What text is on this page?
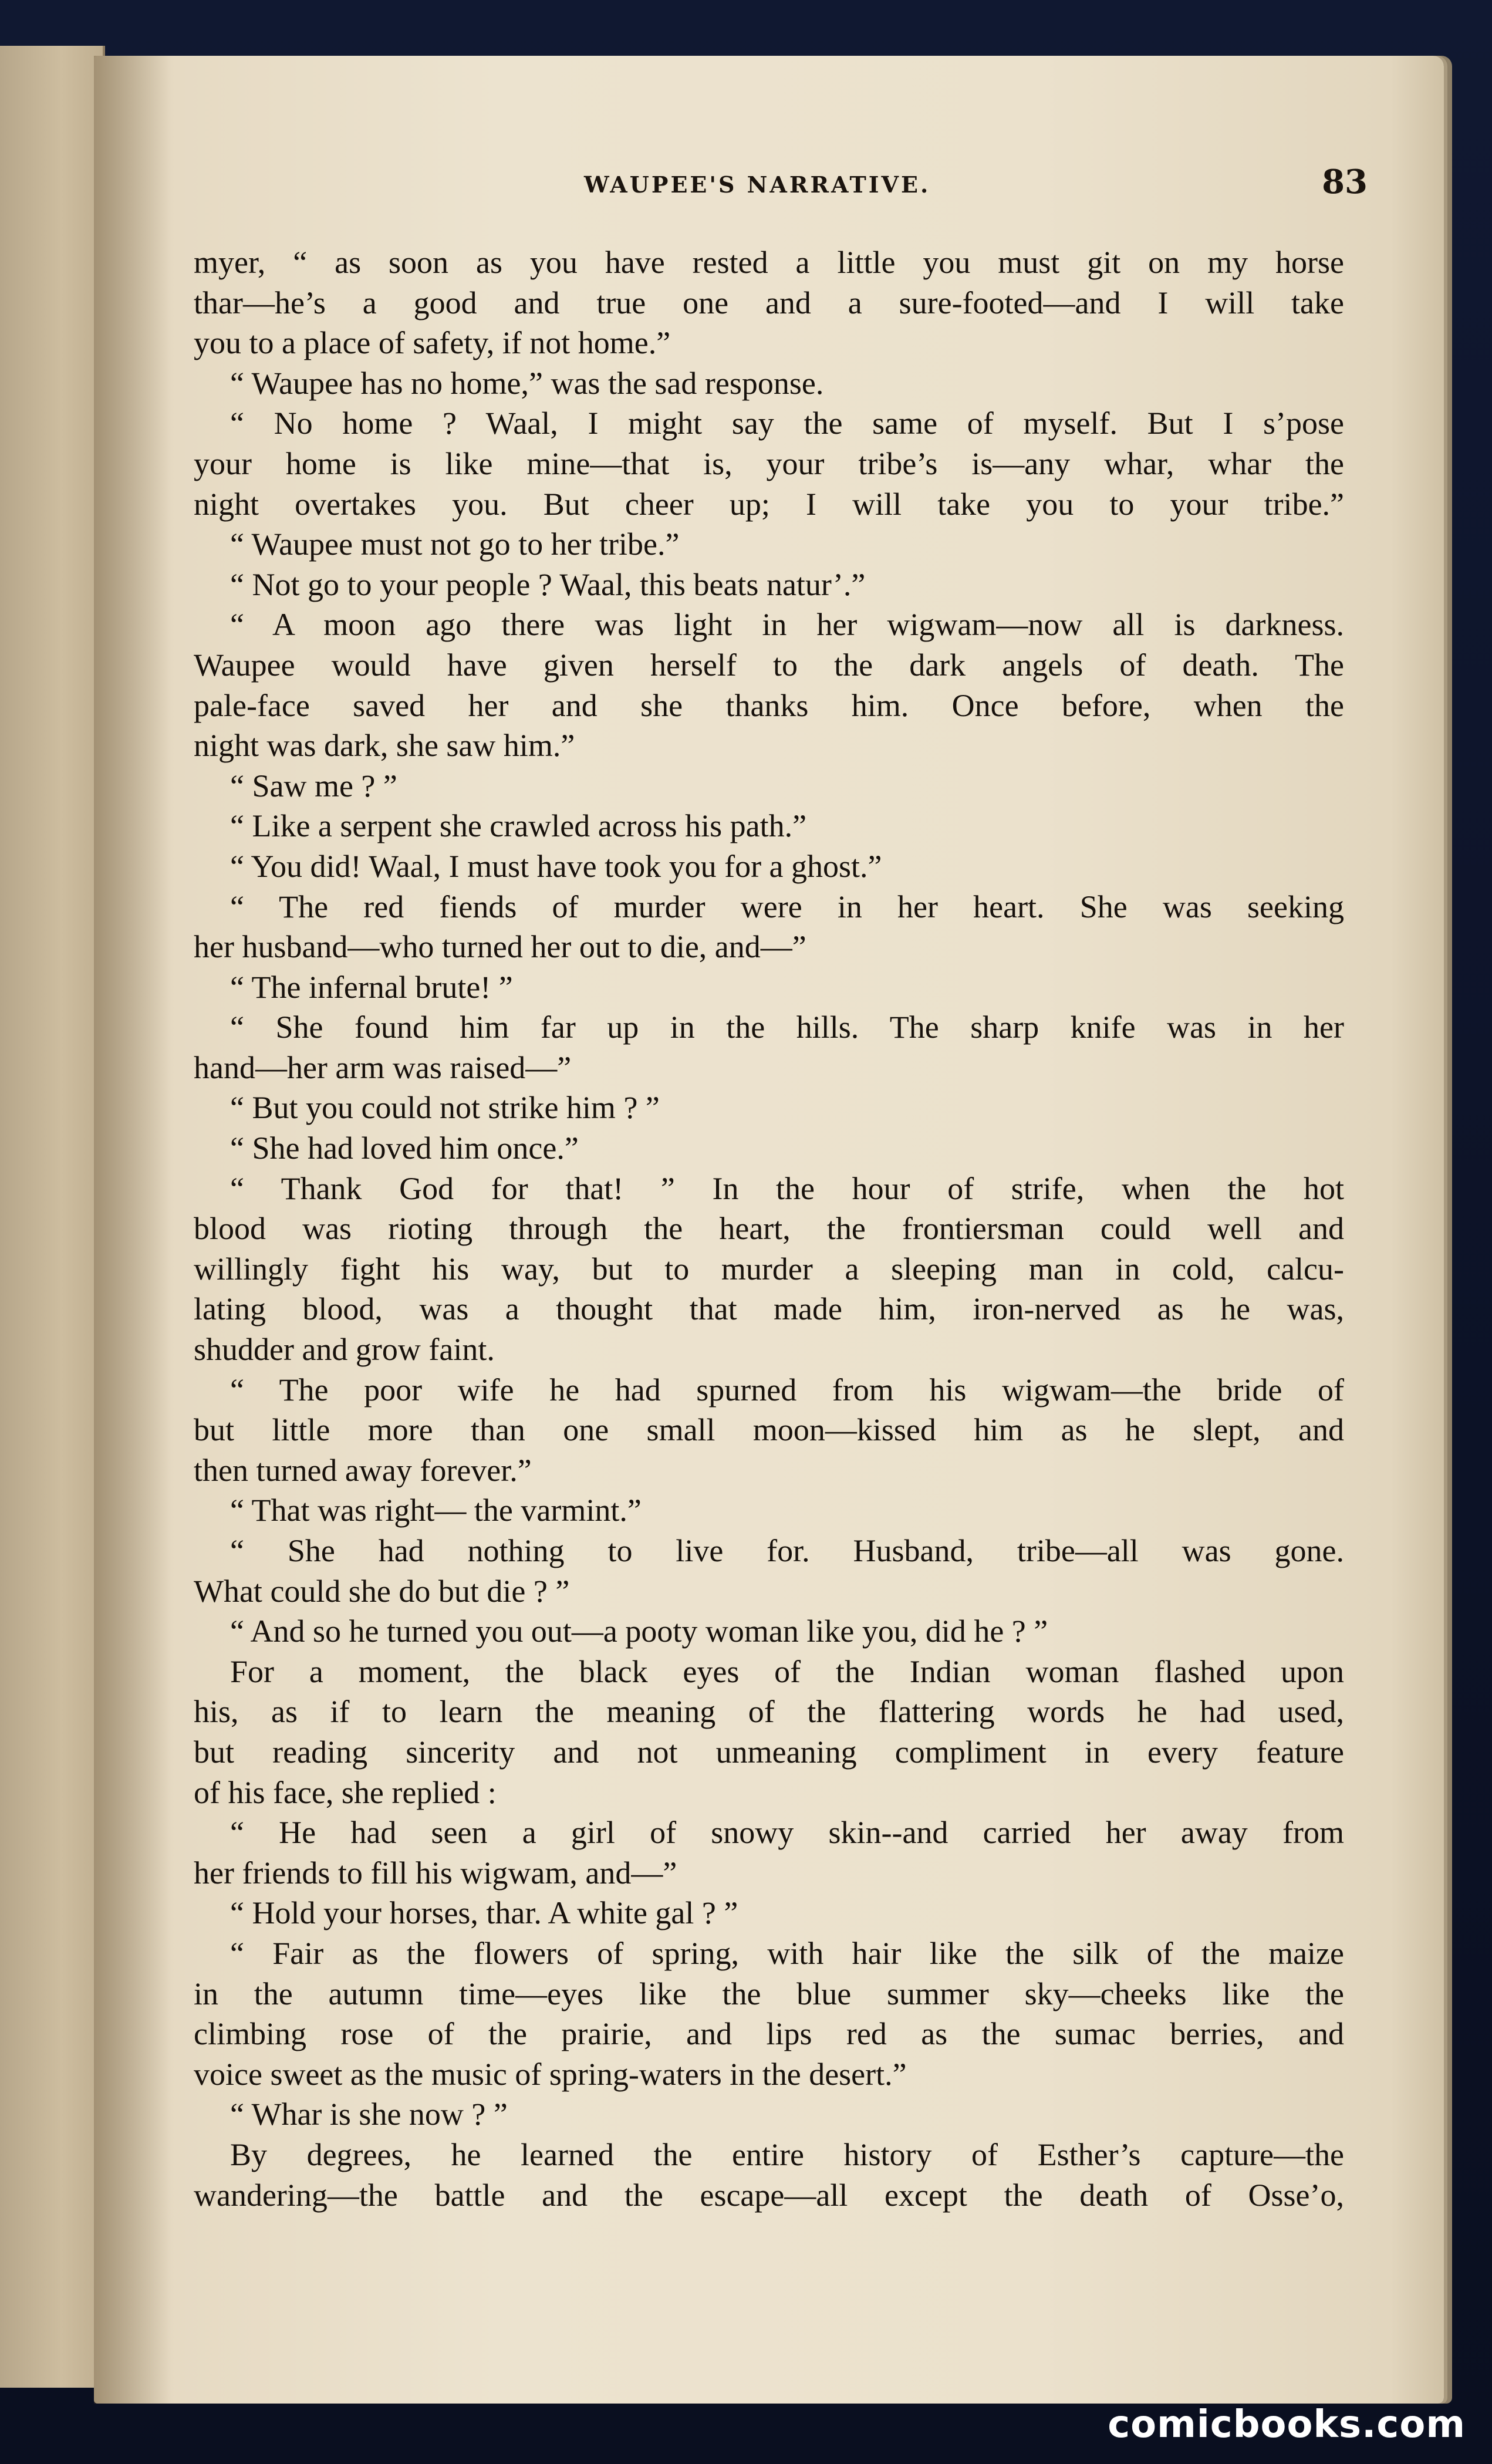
WAUPEE'S NARRATIVE.	83
myer, “ as soon as you have rested a little you must git on my horse
thar—he’s a good and true one and a sure-footed—and I will take
you to a place of safety, if not home.”
“ Waupee has no home,” was the sad response.
“ No home ? Waal, I might say the same of myself. But I s’pose
your home is like mine—that is, your tribe’s is—any whar, whar the
night overtakes you. But cheer up; I will take you to your tribe.”
“ Waupee must not go to her tribe.”
“ Not go to your people ? Waal, this beats natur’.”
“ A moon ago there was light in her wigwam—now all is darkness.
Waupee would have given herself to the dark angels of death. The
pale-face saved her and she thanks him. Once before, when the
night was dark, she saw him.”
“ Saw me ? ”
“ Like a serpent she crawled across his path.”
“ You did! Waal, I must have took you for a ghost.”
“ The red fiends of murder were in her heart. She was seeking
her husband—who turned her out to die, and—”
“ The infernal brute! ”
“ She found him far up in the hills. The sharp knife was in her
hand—her arm was raised—”
“ But you could not strike him ? ”
“ She had loved him once.”
“ Thank God for that! ” In the hour of strife, when the hot
blood was rioting through the heart, the frontiersman could well and
willingly fight his way, but to murder a sleeping man in cold, calcu-
lating blood, was a thought that made him, iron-nerved as he was,
shudder and grow faint.
“ The poor wife he had spurned from his wigwam—the bride of
but little more than one small moon—kissed him as he slept, and
then turned away forever.”
“ That was right— the varmint.”
“ She had nothing to live for. Husband, tribe—all was gone.
What could she do but die ? ”
“ And so he turned you out—a pooty woman like you, did he ? ”
For a moment, the black eyes of the Indian woman flashed upon
his, as if to learn the meaning of the flattering words he had used,
but reading sincerity and not unmeaning compliment in every feature
of his face, she replied :
“ He had seen a girl of snowy skin--and carried her away from
her friends to fill his wigwam, and—”
“ Hold your horses, thar. A white gal ? ”
“ Fair as the flowers of spring, with hair like the silk of the maize
in the autumn time—eyes like the blue summer sky—cheeks like the
climbing rose of the prairie, and lips red as the sumac berries, and
voice sweet as the music of spring-waters in the desert.”
“ Whar is she now ? ”
By degrees, he learned the entire history of Esther’s capture—the
wandering—the battle and the escape—all except the death of Osse’o,
comicbooks.com
